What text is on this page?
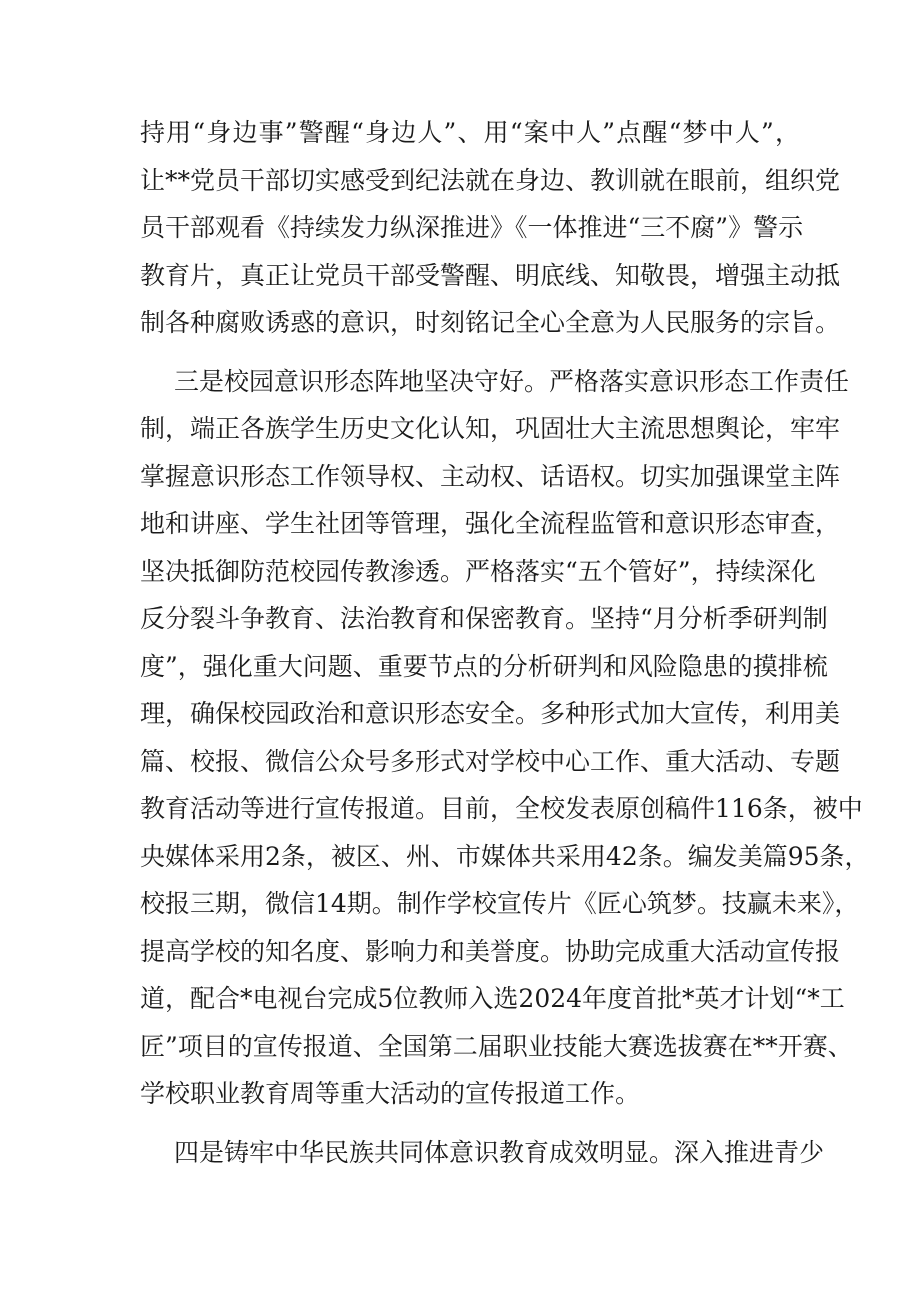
持用“身边事”警醒“身边人”、用“案中人”点醒“梦中人”，
让**党员干部切实感受到纪法就在身边、教训就在眼前，组织党
员干部观看《持续发力纵深推进》《一体推进“三不腐”》警示
教育片，真正让党员干部受警醒、明底线、知敬畏，增强主动抵
制各种腐败诱惑的意识，时刻铭记全心全意为人民服务的宗旨。
三是校园意识形态阵地坚决守好。严格落实意识形态工作责任
制，端正各族学生历史文化认知，巩固壮大主流思想舆论，牢牢
掌握意识形态工作领导权、主动权、话语权。切实加强课堂主阵
地和讲座、学生社团等管理，强化全流程监管和意识形态审查，
坚决抵御防范校园传教渗透。严格落实“五个管好”，持续深化
反分裂斗争教育、法治教育和保密教育。坚持“月分析季研判制
度”，强化重大问题、重要节点的分析研判和风险隐患的摸排梳
理，确保校园政治和意识形态安全。多种形式加大宣传，利用美
篇、校报、微信公众号多形式对学校中心工作、重大活动、专题
教育活动等进行宣传报道。目前，全校发表原创稿件116条，被中
央媒体采用2条，被区、州、市媒体共采用42条。编发美篇95条，
校报三期，微信14期。制作学校宣传片《匠心筑梦。技赢未来》，
提高学校的知名度、影响力和美誉度。协助完成重大活动宣传报
道，配合*电视台完成5位教师入选2024年度首批*英才计划“*工
匠”项目的宣传报道、全国第二届职业技能大赛选拔赛在**开赛、
学校职业教育周等重大活动的宣传报道工作。
四是铸牢中华民族共同体意识教育成效明显。深入推进青少
